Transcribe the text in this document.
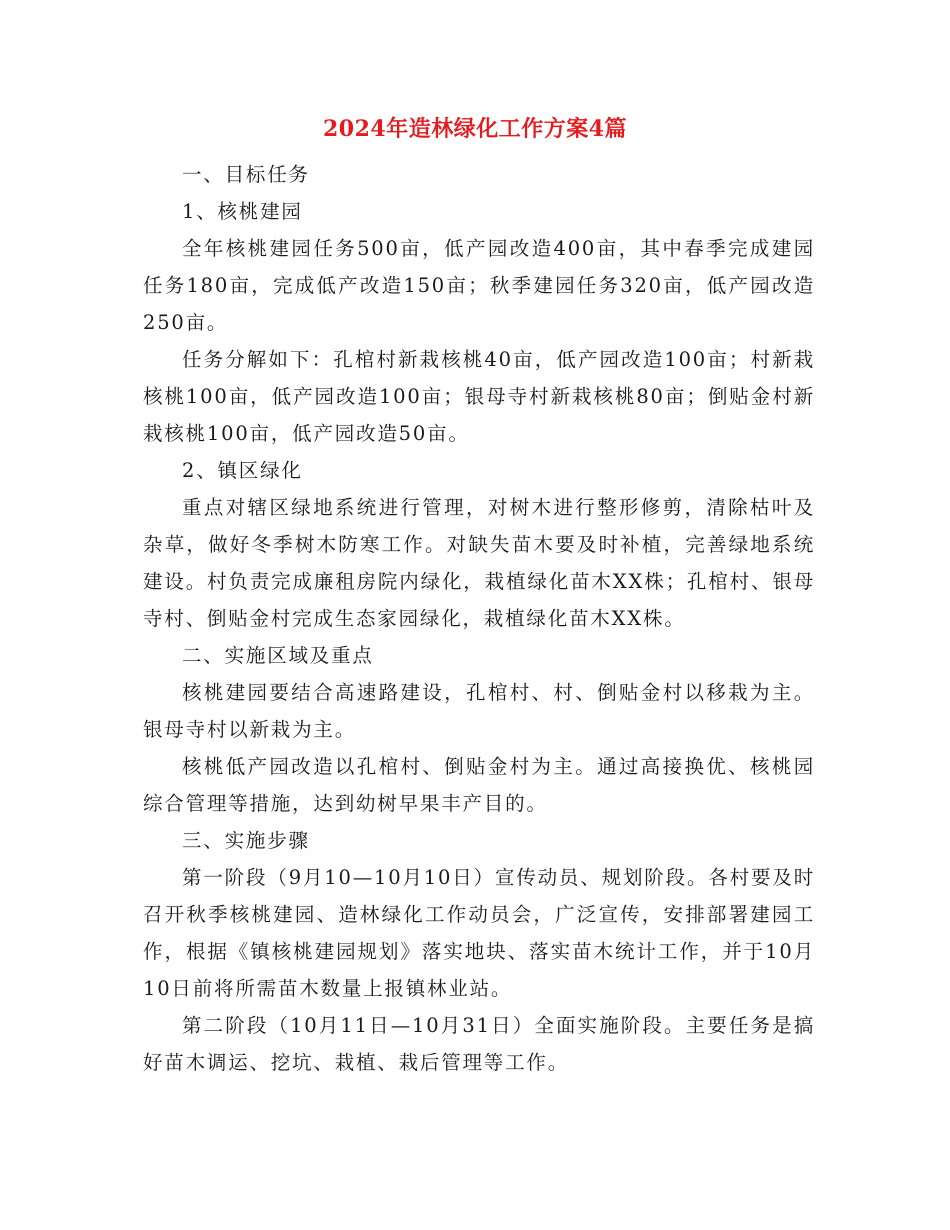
2024年造林绿化工作方案4篇

一、目标任务

1、核桃建园

全年核桃建园任务500亩，低产园改造400亩，其中春季完成建园任务180亩，完成低产改造150亩；秋季建园任务320亩，低产园改造250亩。

任务分解如下：孔棺村新栽核桃40亩，低产园改造100亩；村新栽核桃100亩，低产园改造100亩；银母寺村新栽核桃80亩；倒贴金村新栽核桃100亩，低产园改造50亩。

2、镇区绿化

重点对辖区绿地系统进行管理，对树木进行整形修剪，清除枯叶及杂草，做好冬季树木防寒工作。对缺失苗木要及时补植，完善绿地系统建设。村负责完成廉租房院内绿化，栽植绿化苗木XX株；孔棺村、银母寺村、倒贴金村完成生态家园绿化，栽植绿化苗木XX株。

二、实施区域及重点

核桃建园要结合高速路建设，孔棺村、村、倒贴金村以移栽为主。银母寺村以新栽为主。

核桃低产园改造以孔棺村、倒贴金村为主。通过高接换优、核桃园综合管理等措施，达到幼树早果丰产目的。

三、实施步骤

第一阶段（9月10—10月10日）宣传动员、规划阶段。各村要及时召开秋季核桃建园、造林绿化工作动员会，广泛宣传，安排部署建园工作，根据《镇核桃建园规划》落实地块、落实苗木统计工作，并于10月10日前将所需苗木数量上报镇林业站。

第二阶段（10月11日—10月31日）全面实施阶段。主要任务是搞好苗木调运、挖坑、栽植、栽后管理等工作。
